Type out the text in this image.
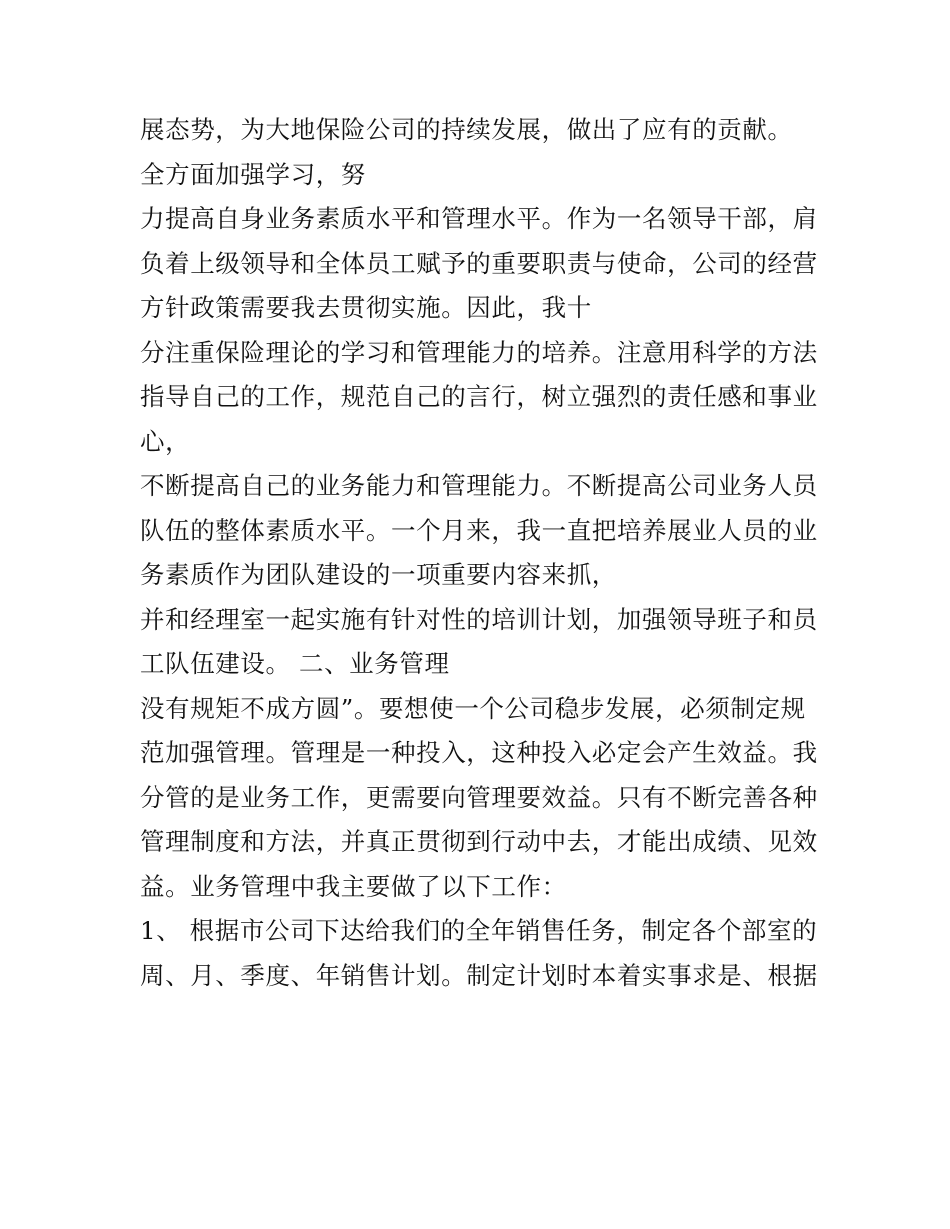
展态势，为大地保险公司的持续发展，做出了应有的贡献。
全方面加强学习，努
力提高自身业务素质水平和管理水平。作为一名领导干部，肩
负着上级领导和全体员工赋予的重要职责与使命，公司的经营
方针政策需要我去贯彻实施。因此，我十
分注重保险理论的学习和管理能力的培养。注意用科学的方法
指导自己的工作，规范自己的言行，树立强烈的责任感和事业
心，
不断提高自己的业务能力和管理能力。不断提高公司业务人员
队伍的整体素质水平。一个月来，我一直把培养展业人员的业
务素质作为团队建设的一项重要内容来抓，
并和经理室一起实施有针对性的培训计划，加强领导班子和员
工队伍建设。 二、业务管理
没有规矩不成方圆”。要想使一个公司稳步发展，必须制定规
范加强管理。管理是一种投入，这种投入必定会产生效益。我
分管的是业务工作，更需要向管理要效益。只有不断完善各种
管理制度和方法，并真正贯彻到行动中去，才能出成绩、见效
益。业务管理中我主要做了以下工作：
1、 根据市公司下达给我们的全年销售任务，制定各个部室的
周、月、季度、年销售计划。制定计划时本着实事求是、根据
